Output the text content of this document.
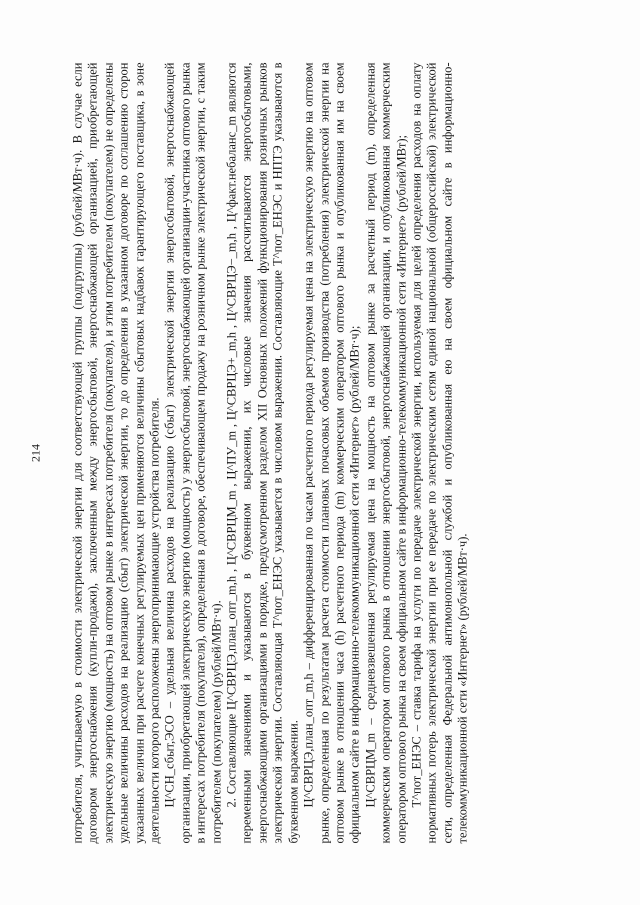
214 потребителя, учитываемую в стоимости электрической энергии для соответствующей группы (подгруппы) (рублей/МВт·ч). В случае если договором энергоснабжения (купли-продажи), заключенным между энергосбытовой, энергоснабжающей организацией, приобретающей электрическую энергию (мощность) на оптовом рынке в интересах потребителя (покупателя), и этим потребителем (покупателем) не определены удельные величины расходов на реализацию (сбыт) электрической энергии, то до определения в указанном договоре по соглашению сторон указанных величин при расчете конечных регулируемых цен применяются величины сбытовых надбавок гарантирующего поставщика, в зоне деятельности которого расположены энергопринимающие устройства потребителя. Ц^СН_сбыт,ЭСО – удельная величина расходов на реализацию (сбыт) электрической энергии энергосбытовой, энергоснабжающей организации, приобретающей электрическую энергию (мощность) у энергосбытовой, энергоснабжающей организации-участника оптового рынка в интересах потребителя (покупателя), определенная в договоре, обеспечивающем продажу на розничном рынке электрической энергии, с таким потребителем (покупателем) (рублей/МВт·ч). 2. Составляющие Ц^СВРЦЭ,план_опт_m,h , Ц^СВРЦМ_m , Ц^ПУ_m , Ц^СВРЦЭ+_m,h , Ц^СВРЦЭ−_m,h , Ц^факт.небаланс_m являются переменными значениями и указываются в буквенном выражении, их числовые значения рассчитываются энергосбытовыми, энергоснабжающими организациями в порядке, предусмотренном разделом XII Основных положений функционирования розничных рынков электрической энергии. Составляющая Т^пот_ЕНЭС указывается в числовом выражении. Составляющие Т^пот_ЕНЭС и НПТЭ указываются в буквенном выражении. Ц^СВРЦЭ,план_опт_m,h – дифференцированная по часам расчетного периода регулируемая цена на электрическую энергию на оптовом рынке, определенная по результатам расчета стоимости плановых почасовых объемов производства (потребления) электрической энергии на оптовом рынке в отношении часа (h) расчетного периода (m) коммерческим оператором оптового рынка и опубликованная им на своем официальном сайте в информационно-телекоммуникационной сети «Интернет» (рублей/МВт·ч); Ц^СВРЦМ_m – средневзвешенная регулируемая цена на мощность на оптовом рынке за расчетный период (m), определенная коммерческим оператором оптового рынка в отношении энергосбытовой, энергоснабжающей организации, и опубликованная коммерческим оператором оптового рынка на своем официальном сайте в информационно-телекоммуникационной сети «Интернет» (рублей/МВт); Т^пот_ЕНЭС – ставка тарифа на услуги по передаче электрической энергии, используемая для целей определения расходов на оплату нормативных потерь электрической энергии при ее передаче по электрическим сетям единой национальной (общероссийской) электрической сети, определенная Федеральной антимонопольной службой и опубликованная ею на своем официальном сайте в информационно-телекоммуникационной сети «Интернет» (рублей/МВт·ч).
